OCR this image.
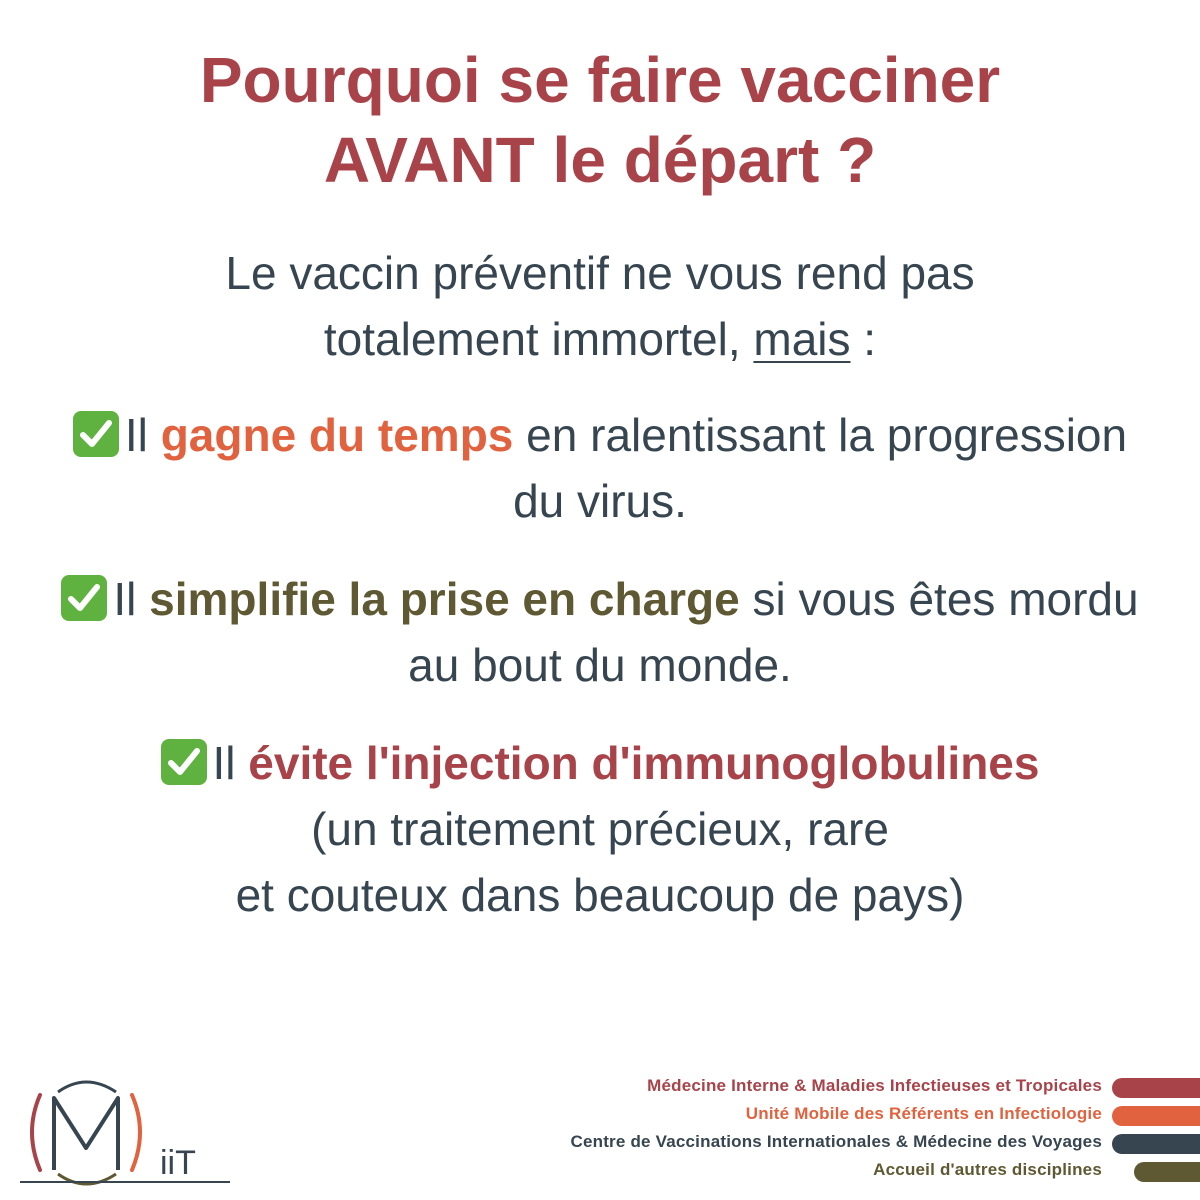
Pourquoi se faire vacciner
AVANT le départ ?

Le vaccin préventif ne vous rend pas
totalement immortel, mais :

Il gagne du temps en ralentissant la progression
du virus.

Il simplifie la prise en charge si vous êtes mordu
au bout du monde.

Il évite l'injection d'immunoglobulines
(un traitement précieux, rare
et couteux dans beaucoup de pays)

iiT
Médecine Interne & Maladies Infectieuses et Tropicales
Unité Mobile des Référents en Infectiologie
Centre de Vaccinations Internationales & Médecine des Voyages
Accueil d'autres disciplines
